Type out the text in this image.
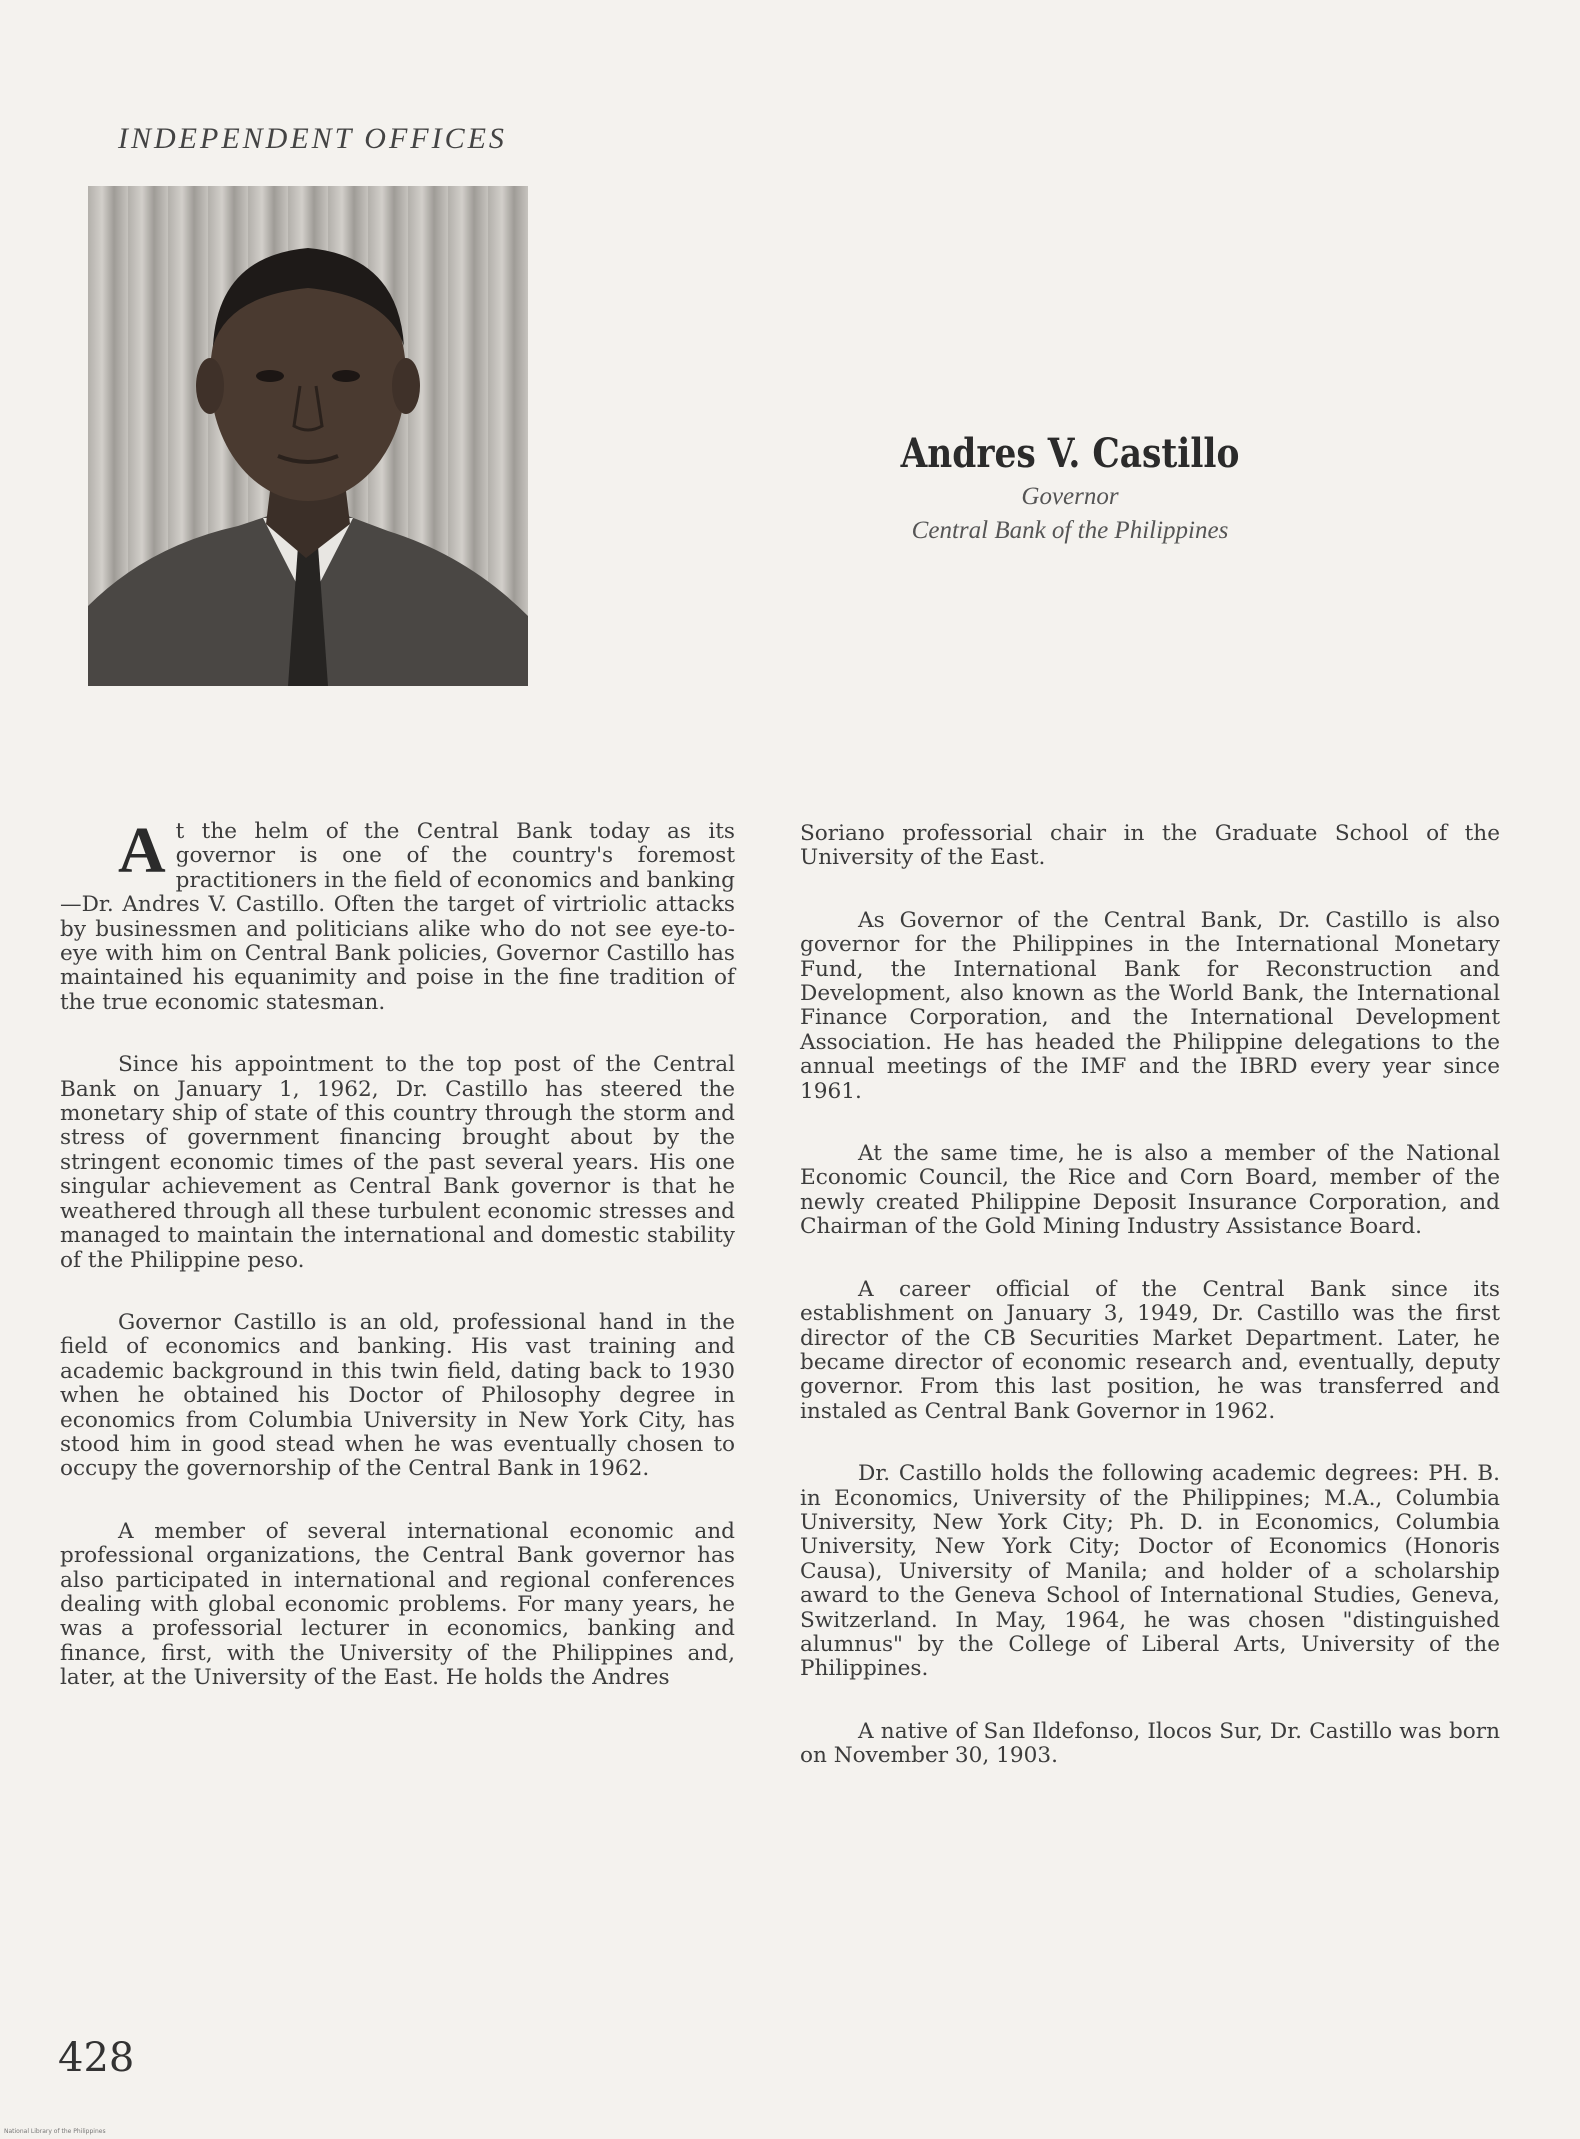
INDEPENDENT OFFICES
Andres V. Castillo
Governor
Central Bank of the Philippines

At the helm of the Central Bank today as its governor is one of the country's foremost practitioners in the field of economics and banking—Dr. Andres V. Castillo. Often the target of virtriolic attacks by businessmen and politicians alike who do not see eye-to-eye with him on Central Bank policies, Governor Castillo has maintained his equanimity and poise in the fine tradition of the true economic statesman.

Since his appointment to the top post of the Central Bank on January 1, 1962, Dr. Castillo has steered the monetary ship of state of this country through the storm and stress of government financing brought about by the stringent economic times of the past several years. His one singular achievement as Central Bank governor is that he weathered through all these turbulent economic stresses and managed to maintain the international and domestic stability of the Philippine peso.

Governor Castillo is an old, professional hand in the field of economics and banking. His vast training and academic background in this twin field, dating back to 1930 when he obtained his Doctor of Philosophy degree in economics from Columbia University in New York City, has stood him in good stead when he was eventually chosen to occupy the governorship of the Central Bank in 1962.

A member of several international economic and professional organizations, the Central Bank governor has also participated in international and regional conferences dealing with global economic problems. For many years, he was a professorial lecturer in economics, banking and finance, first, with the University of the Philippines and, later, at the University of the East. He holds the Andres

Soriano professorial chair in the Graduate School of the University of the East.

As Governor of the Central Bank, Dr. Castillo is also governor for the Philippines in the International Monetary Fund, the International Bank for Reconstruction and Development, also known as the World Bank, the International Finance Corporation, and the International Development Association. He has headed the Philippine delegations to the annual meetings of the IMF and the IBRD every year since 1961.

At the same time, he is also a member of the National Economic Council, the Rice and Corn Board, member of the newly created Philippine Deposit Insurance Corporation, and Chairman of the Gold Mining Industry Assistance Board.

A career official of the Central Bank since its establishment on January 3, 1949, Dr. Castillo was the first director of the CB Securities Market Department. Later, he became director of economic research and, eventually, deputy governor. From this last position, he was transferred and instaled as Central Bank Governor in 1962.

Dr. Castillo holds the following academic degrees: PH. B. in Economics, University of the Philippines; M.A., Columbia University, New York City; Ph. D. in Economics, Columbia University, New York City; Doctor of Economics (Honoris Causa), University of Manila; and holder of a scholarship award to the Geneva School of International Studies, Geneva, Switzerland. In May, 1964, he was chosen "distinguished alumnus" by the College of Liberal Arts, University of the Philippines.

A native of San Ildefonso, Ilocos Sur, Dr. Castillo was born on November 30, 1903.

428
National Library of the Philippines
